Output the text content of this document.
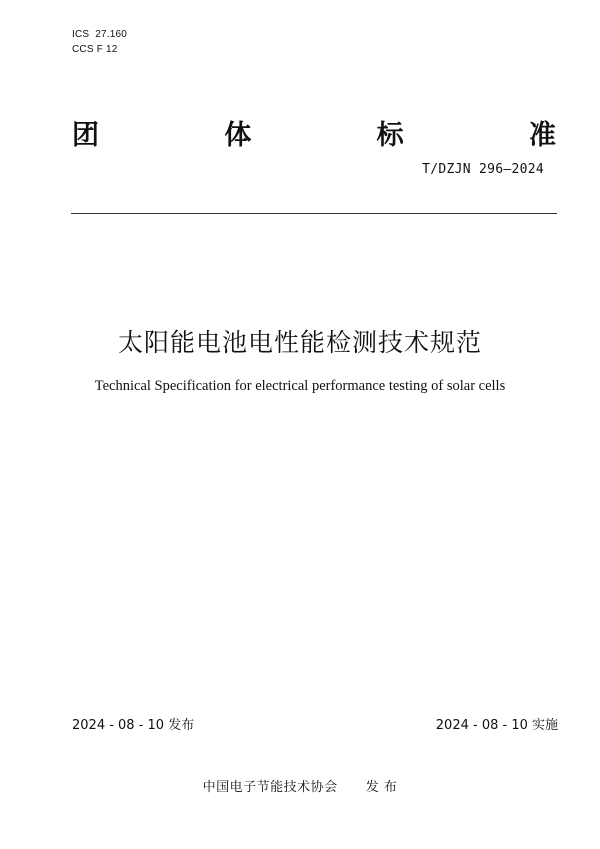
ICS  27.160
CCS F 12
团	体	标	准
T/DZJN 296—2024
太阳能电池电性能检测技术规范
Technical Specification for electrical performance testing of solar cells
2024 - 08 - 10 发布	2024 - 08 - 10 实施
中国电子节能技术协会 发 布
